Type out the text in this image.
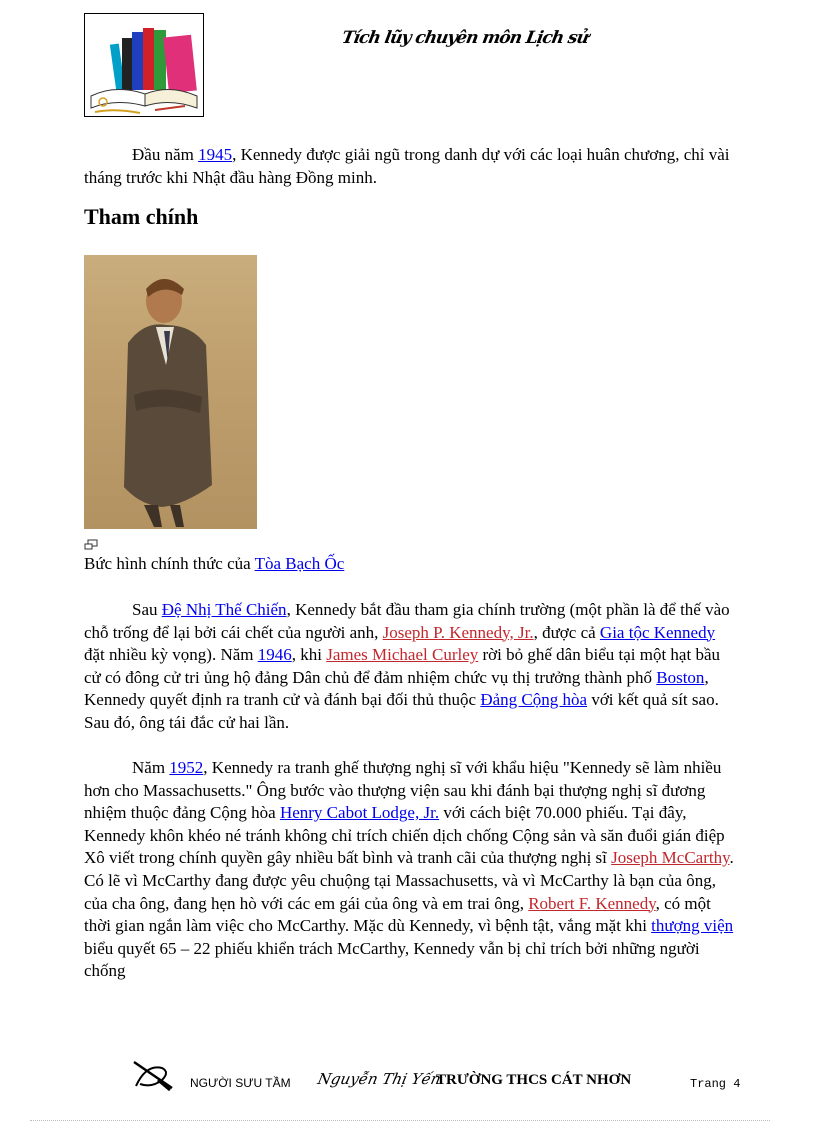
Tích lũy chuyên môn Lịch sử

Đầu năm 1945, Kennedy được giải ngũ trong danh dự với các loại huân chương, chỉ vài tháng trước khi Nhật đầu hàng Đồng minh.

Tham chính

Sau Đệ Nhị Thế Chiến, Kennedy bắt đầu tham gia chính trường (một phần là để thế vào chỗ trống để lại bởi cái chết của người anh, Joseph P. Kennedy, Jr., được cả Gia tộc Kennedy đặt nhiều kỳ vọng). Năm 1946, khi James Michael Curley rời bỏ ghế dân biểu tại một hạt bầu cử có đông cử tri ủng hộ đảng Dân chủ để đảm nhiệm chức vụ thị trưởng thành phố Boston, Kennedy quyết định ra tranh cử và đánh bại đối thủ thuộc Đảng Cộng hòa với kết quả sít sao. Sau đó, ông tái đắc cử hai lần.

Năm 1952, Kennedy ra tranh ghế thượng nghị sĩ với khẩu hiệu "Kennedy sẽ làm nhiều hơn cho Massachusetts." Ông bước vào thượng viện sau khi đánh bại thượng nghị sĩ đương nhiệm thuộc đảng Cộng hòa Henry Cabot Lodge, Jr. với cách biệt 70.000 phiếu. Tại đây, Kennedy khôn khéo né tránh không chỉ trích chiến dịch chống Cộng sản và săn đuổi gián điệp Xô viết trong chính quyền gây nhiều bất bình và tranh cãi của thượng nghị sĩ Joseph McCarthy. Có lẽ vì McCarthy đang được yêu chuộng tại Massachusetts, và vì McCarthy là bạn của ông, của cha ông, đang hẹn hò với các em gái của ông và em trai ông, Robert F. Kennedy, có một thời gian ngắn làm việc cho McCarthy. Mặc dù Kennedy, vì bệnh tật, vắng mặt khi thượng viện biểu quyết 65 – 22 phiếu khiển trách McCarthy, Kennedy vẫn bị chỉ trích bởi những người chống

Bức hình chính thức của Tòa Bạch Ốc
NGƯỜI SƯU TẦM Nguyễn Thị Yến
TRƯỜNG THCS CÁT NHƠN	Trang 4
